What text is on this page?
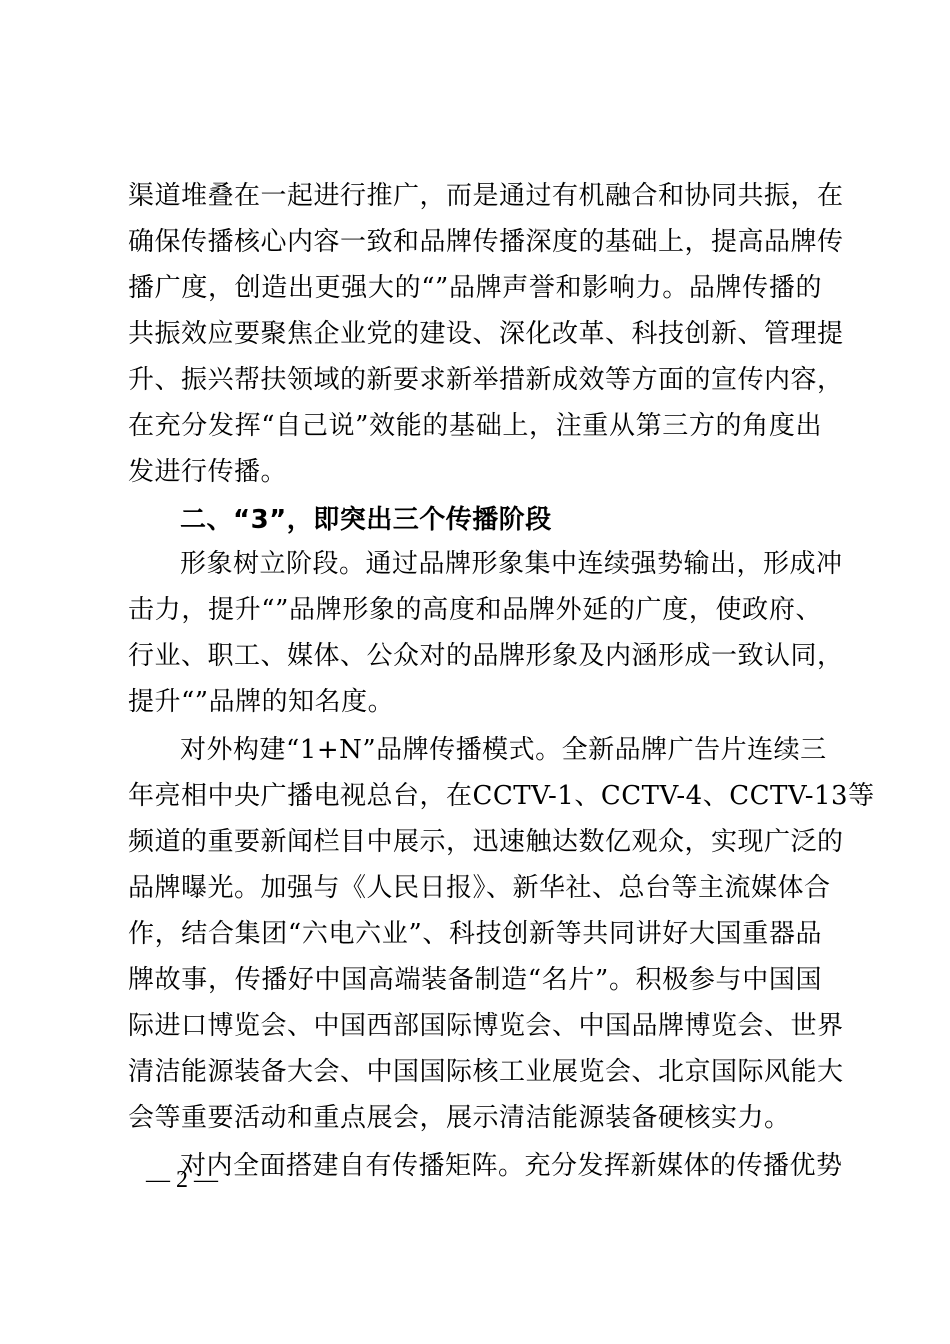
渠道堆叠在一起进行推广，而是通过有机融合和协同共振，在
确保传播核心内容一致和品牌传播深度的基础上，提高品牌传
播广度，创造出更强大的“”品牌声誉和影响力。品牌传播的
共振效应要聚焦企业党的建设、深化改革、科技创新、管理提
升、振兴帮扶领域的新要求新举措新成效等方面的宣传内容，
在充分发挥“自己说”效能的基础上，注重从第三方的角度出
发进行传播。
二、“3”，即突出三个传播阶段
形象树立阶段。通过品牌形象集中连续强势输出，形成冲
击力，提升“”品牌形象的高度和品牌外延的广度，使政府、
行业、职工、媒体、公众对的品牌形象及内涵形成一致认同，
提升“”品牌的知名度。
对外构建“1+N”品牌传播模式。全新品牌广告片连续三
年亮相中央广播电视总台，在CCTV-1、CCTV-4、CCTV-13等
频道的重要新闻栏目中展示，迅速触达数亿观众，实现广泛的
品牌曝光。加强与《人民日报》、新华社、总台等主流媒体合
作，结合集团“六电六业”、科技创新等共同讲好大国重器品
牌故事，传播好中国高端装备制造“名片”。积极参与中国国
际进口博览会、中国西部国际博览会、中国品牌博览会、世界
清洁能源装备大会、中国国际核工业展览会、北京国际风能大
会等重要活动和重点展会，展示清洁能源装备硬核实力。
对内全面搭建自有传播矩阵。充分发挥新媒体的传播优势
— 2 —
